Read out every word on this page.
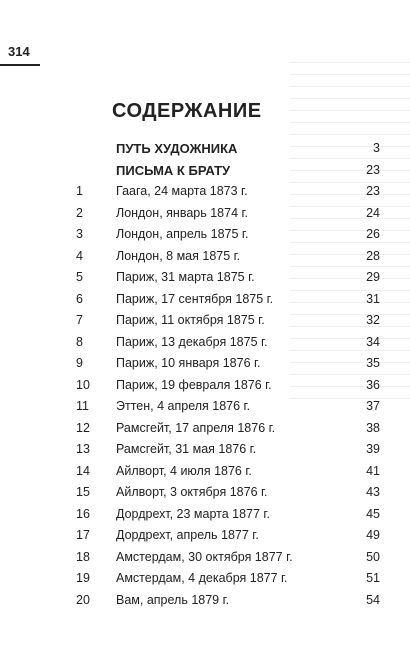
314
СОДЕРЖАНИЕ
ПУТЬ ХУДОЖНИКА	3
ПИСЬМА К БРАТУ	23
1	Гаага, 24 марта 1873 г.	23
2	Лондон, январь 1874 г.	24
3	Лондон, апрель 1875 г.	26
4	Лондон, 8 мая 1875 г.	28
5	Париж, 31 марта 1875 г.	29
6	Париж, 17 сентября 1875 г.	31
7	Париж, 11 октября 1875 г.	32
8	Париж, 13 декабря 1875 г.	34
9	Париж, 10 января 1876 г.	35
10 Париж, 19 февраля 1876 г.	36
11 Эттен, 4 апреля 1876 г.	37
12 Рамсгейт, 17 апреля 1876 г.	38
13 Рамсгейт, 31 мая 1876 г.	39
14 Айлворт, 4 июля 1876 г.	41
15 Айлворт, 3 октября 1876 г.	43
16 Дордрехт, 23 марта 1877 г.	45
17 Дордрехт, апрель 1877 г.	49
18 Амстердам, 30 октября 1877 г.	50
19 Амстердам, 4 декабря 1877 г.	51
20 Вам, апрель 1879 г.	54
